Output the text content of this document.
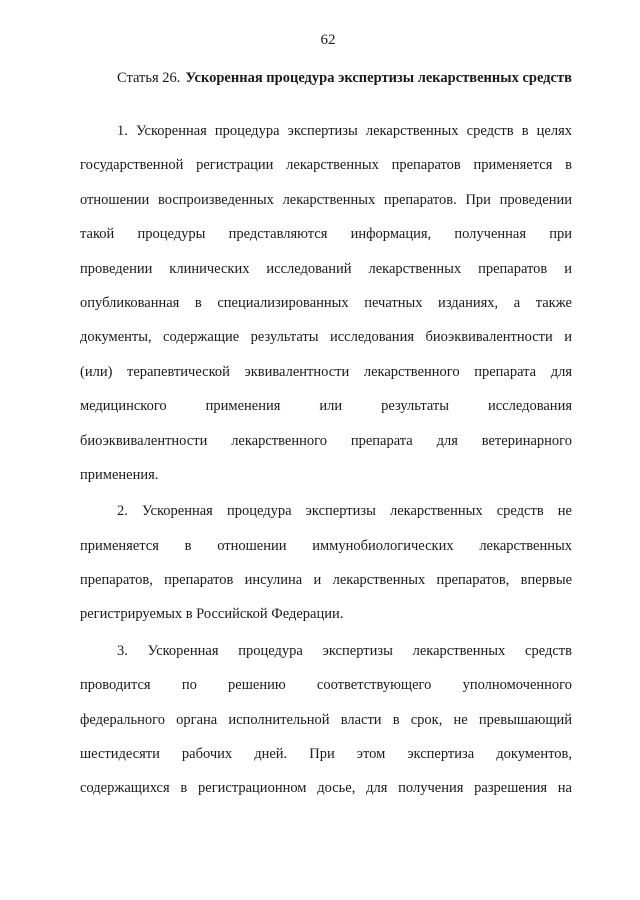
62
Статья 26. Ускоренная процедура экспертизы лекарственных средств
1. Ускоренная процедура экспертизы лекарственных средств в целях
государственной регистрации лекарственных препаратов применяется в
отношении воспроизведенных лекарственных препаратов. При проведении
такой процедуры представляются информация, полученная при
проведении клинических исследований лекарственных препаратов и
опубликованная в специализированных печатных изданиях, а также
документы, содержащие результаты исследования биоэквивалентности и
(или) терапевтической эквивалентности лекарственного препарата для
медицинского применения или результаты исследования
биоэквивалентности лекарственного препарата для ветеринарного
применения.
2. Ускоренная процедура экспертизы лекарственных средств не
применяется в отношении иммунобиологических лекарственных
препаратов, препаратов инсулина и лекарственных препаратов, впервые
регистрируемых в Российской Федерации.
3. Ускоренная процедура экспертизы лекарственных средств
проводится по решению соответствующего уполномоченного
федерального органа исполнительной власти в срок, не превышающий
шестидесяти рабочих дней. При этом экспертиза документов,
содержащихся в регистрационном досье, для получения разрешения на
